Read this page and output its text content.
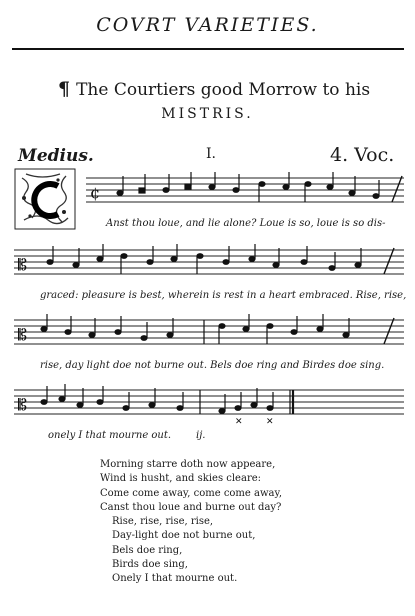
COVRT VARIETIES.
¶ The Courtiers good Morrow to his
MISTRIS.
Medius.	I.	4. Voc.
¢
Anst thou loue, and lie alone? Loue is so, loue is so dis-
𝄡
graced: pleasure is best, wherein is rest in a heart embraced. Rise, rise,
𝄡
rise, day light doe not burne out. Bels doe ring and Birdes doe sing.
𝄡
✕	✕
onely I that mourne out. ij.
Morning starre doth now appeare,
Wind is husht, and skies cleare:
Come come away, come come away,
Canst thou loue and burne out day?
Rise, rise, rise, rise,
Day-light doe not burne out,
Bels doe ring,
Birds doe sing,
Onely I that mourne out.
